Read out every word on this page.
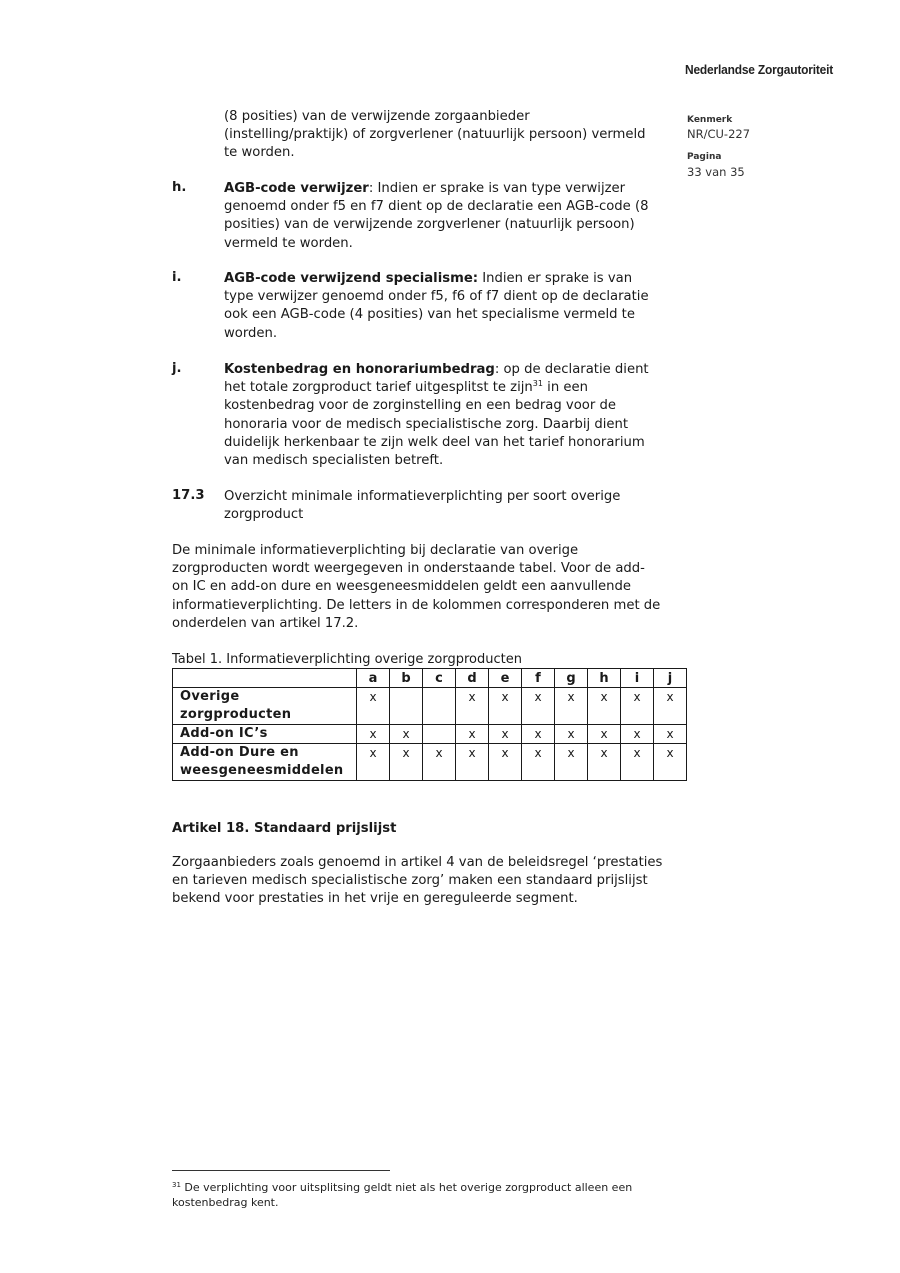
Nederlandse Zorgautoriteit
Kenmerk
NR/CU-227
Pagina
33 van 35
(8 posities) van de verwijzende zorgaanbieder
(instelling/praktijk) of zorgverlener (natuurlijk persoon) vermeld
te worden.
h.	AGB-code verwijzer: Indien er sprake is van type verwijzer
genoemd onder f5 en f7 dient op de declaratie een AGB-code (8
posities) van de verwijzende zorgverlener (natuurlijk persoon)
vermeld te worden.
i.	AGB-code verwijzend specialisme: Indien er sprake is van
type verwijzer genoemd onder f5, f6 of f7 dient op de declaratie
ook een AGB-code (4 posities) van het specialisme vermeld te
worden.
j.	Kostenbedrag en honorariumbedrag: op de declaratie dient
het totale zorgproduct tarief uitgesplitst te zijn$^{31}$ in een
kostenbedrag voor de zorginstelling en een bedrag voor de
honoraria voor de medisch specialistische zorg. Daarbij dient
duidelijk herkenbaar te zijn welk deel van het tarief honorarium
van medisch specialisten betreft.
17.3 Overzicht minimale informatieverplichting per soort overige
zorgproduct
De minimale informatieverplichting bij declaratie van overige
zorgproducten wordt weergegeven in onderstaande tabel. Voor de add-
on IC en add-on dure en weesgeneesmiddelen geldt een aanvullende
informatieverplichting. De letters in de kolommen corresponderen met de
onderdelen van artikel 17.2.
Tabel 1. Informatieverplichting overige zorgproducten
	a	b	c	d	e	f	g	h	i	j

Overige
zorgproducten	x			x	x	x	x	x	x	x

Add-on IC’s	x	x		x	x	x	x	x	x	x

Add-on Dure en
weesgeneesmiddelen	x	x	x	x	x	x	x	x	x	x
Artikel 18. Standaard prijslijst
Zorgaanbieders zoals genoemd in artikel 4 van de beleidsregel ‘prestaties
en tarieven medisch specialistische zorg’ maken een standaard prijslijst
bekend voor prestaties in het vrije en gereguleerde segment.
$^{31}$ De verplichting voor uitsplitsing geldt niet als het overige zorgproduct alleen een
kostenbedrag kent.
